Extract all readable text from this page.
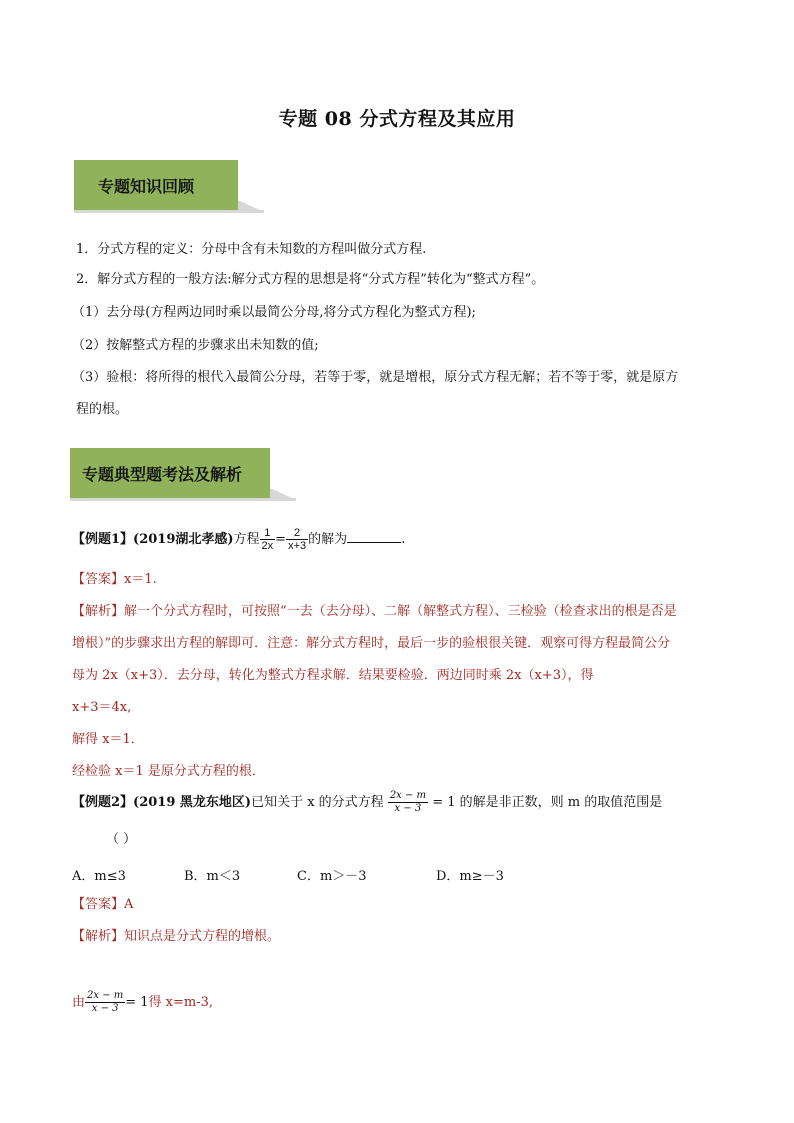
专题 08 分式方程及其应用
专题知识回顾
1．分式方程的定义：分母中含有未知数的方程叫做分式方程.
2．解分式方程的一般方法:解分式方程的思想是将“分式方程”转化为“整式方程”。
（1）去分母(方程两边同时乘以最简公分母,将分式方程化为整式方程);
（2）按解整式方程的步骤求出未知数的值;
（3）验根：将所得的根代入最简公分母，若等于零，就是增根，原分式方程无解；若不等于零，就是原方
程的根。
专题典型题考法及解析
【例题1】(2019湖北孝感)方程 $\frac{1}{2x} = \frac{2}{x+3}$ 的解为	.
【答案】x＝1.
【解析】解一个分式方程时，可按照“一去（去分母）、二解（解整式方程）、三检验（检查求出的根是否是
增根）”的步骤求出方程的解即可．注意：解分式方程时，最后一步的验根很关键．观察可得方程最简公分
母为 2x（x+3）．去分母，转化为整式方程求解．结果要检验．两边同时乘 2x（x+3），得
x+3＝4x,
解得 x＝1．
经检验 x＝1 是原分式方程的根．
【例题2】(2019 黑龙东地区)已知关于 x 的分式方程 $\frac{2x - m}{x - 3} = 1$ 的解是非正数，则 m 的取值范围是
（ ）
A．m≤3	B．m＜3	C．m＞－3	D．m≥－3
【答案】A
【解析】知识点是分式方程的增根。
由 $\frac{2x - m}{x - 3} = 1$得 x=m-3,
